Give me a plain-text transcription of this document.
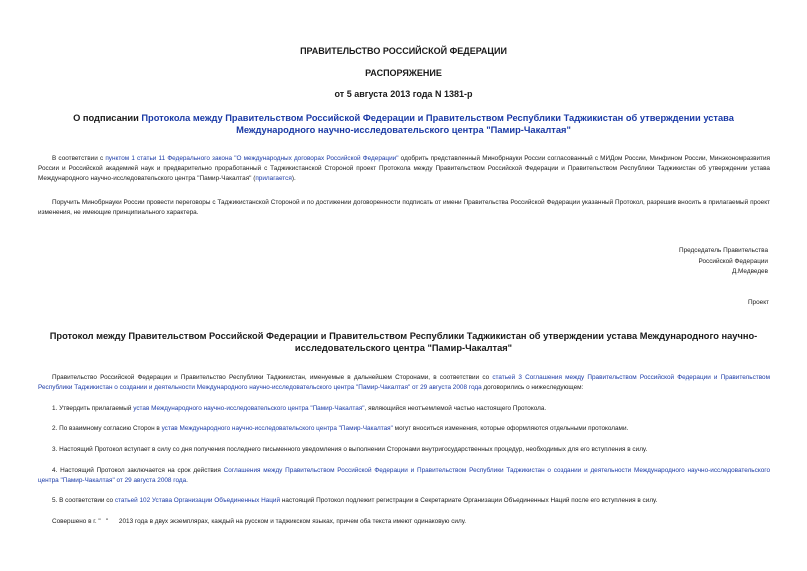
ПРАВИТЕЛЬСТВО РОССИЙСКОЙ ФЕДЕРАЦИИ
РАСПОРЯЖЕНИЕ
от 5 августа 2013 года N 1381-р
О подписании Протокола между Правительством Российской Федерации и Правительством Республики Таджикистан об утверждении устава Международного научно-исследовательского центра "Памир-Чакалтая"
В соответствии с пунктом 1 статьи 11 Федерального закона "О международных договорах Российской Федерации" одобрить представленный Минобрнауки России согласованный с МИДом России, Минфином России, Минэкономразвития России и Российской академией наук и предварительно проработанный с Таджикистанской Стороной проект Протокола между Правительством Российской Федерации и Правительством Республики Таджикистан об утверждении устава Международного научно-исследовательского центра "Памир-Чакалтая" (прилагается).
Поручить Минобрнауки России провести переговоры с Таджикистанской Стороной и по достижении договоренности подписать от имени Правительства Российской Федерации указанный Протокол, разрешив вносить в прилагаемый проект изменения, не имеющие принципиального характера.
Председатель Правительства
Российской Федерации
Д.Медведев
Проект
Протокол между Правительством Российской Федерации и Правительством Республики Таджикистан об утверждении устава Международного научно-исследовательского центра "Памир-Чакалтая"
Правительство Российской Федерации и Правительство Республики Таджикистан, именуемые в дальнейшем Сторонами, в соответствии со статьей 3 Соглашения между Правительством Российской Федерации и Правительством Республики Таджикистан о создании и деятельности Международного научно-исследовательского центра "Памир-Чакалтая" от 29 августа 2008 года договорились о нижеследующем:
1. Утвердить прилагаемый устав Международного научно-исследовательского центра "Памир-Чакалтая", являющийся неотъемлемой частью настоящего Протокола.
2. По взаимному согласию Сторон в устав Международного научно-исследовательского центра "Памир-Чакалтая" могут вноситься изменения, которые оформляются отдельными протоколами.
3. Настоящий Протокол вступает в силу со дня получения последнего письменного уведомления о выполнении Сторонами внутригосударственных процедур, необходимых для его вступления в силу.
4. Настоящий Протокол заключается на срок действия Соглашения между Правительством Российской Федерации и Правительством Республики Таджикистан о создании и деятельности Международного научно-исследовательского центра "Памир-Чакалтая" от 29 августа 2008 года.
5. В соответствии со статьей 102 Устава Организации Объединенных Наций настоящий Протокол подлежит регистрации в Секретариате Организации Объединенных Наций после его вступления в силу.
Совершено в г. "   "      2013 года в двух экземплярах, каждый на русском и таджикском языках, причем оба текста имеют одинаковую силу.
